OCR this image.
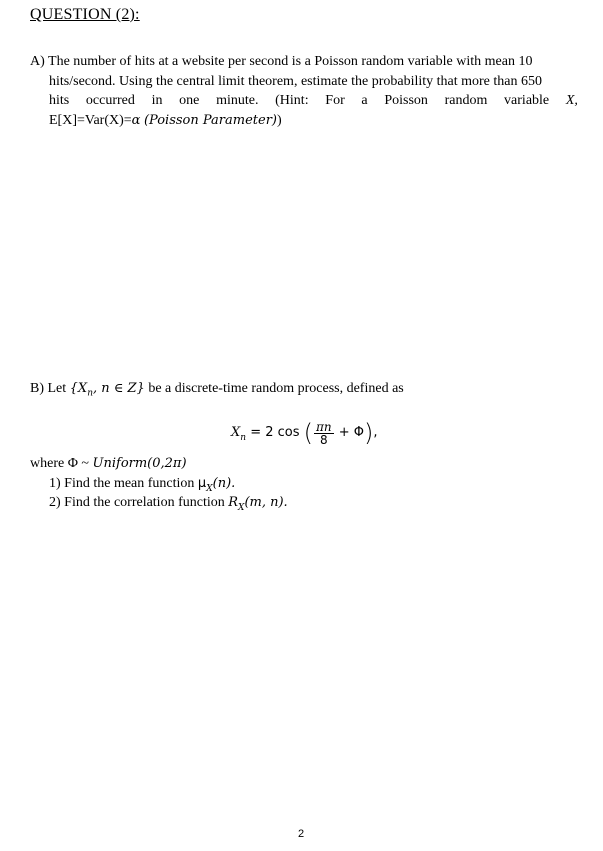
QUESTION (2):
A) The number of hits at a website per second is a Poisson random variable with mean 10
hits/second. Using the central limit theorem, estimate the probability that more than 650
hits occurred in one minute. (Hint: For a Poisson random variable X,
E[X]=Var(X)=α (Poisson Parameter))
B) Let {$X_n$, n ∈ Z} be a discrete-time random process, defined as
$X_n = 2$ cos ( $\frac{\pi n}{8} + \Phi$),
where Φ ~ Uniform(0,2π)
1) Find the mean function $\mu_X(n)$.
2) Find the correlation function $R_X(m$, n).
2
